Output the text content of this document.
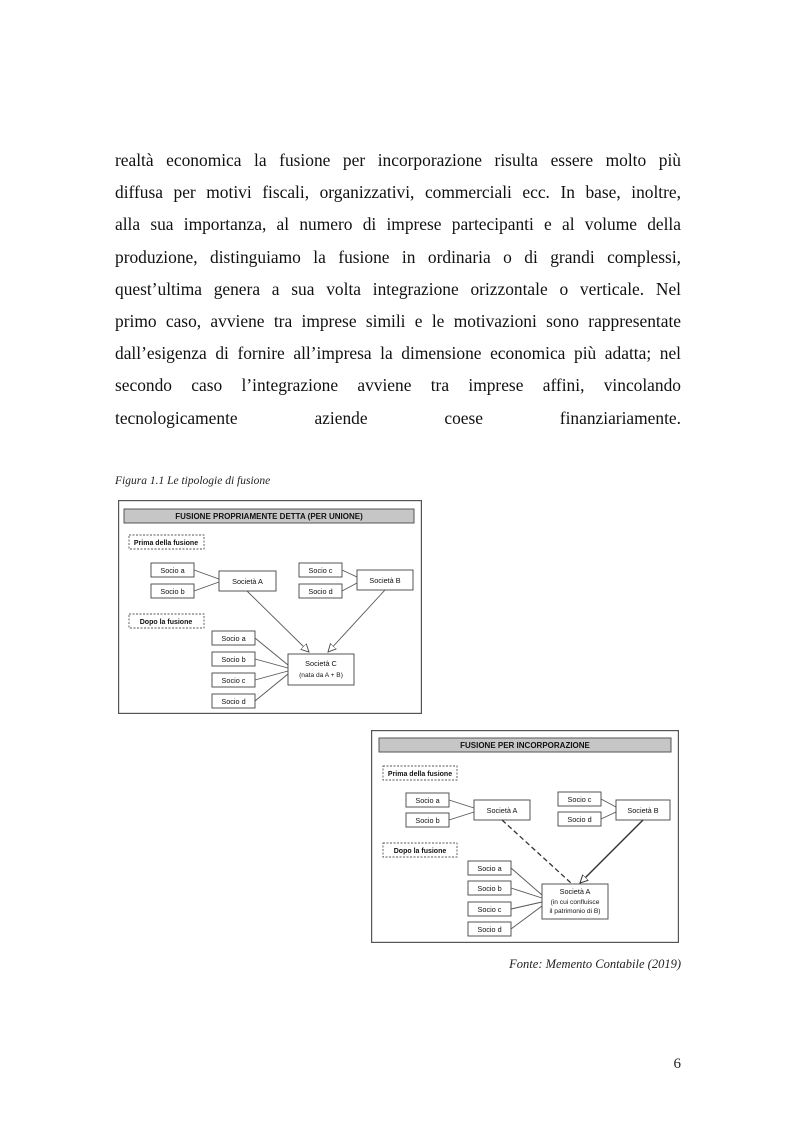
realtà economica la fusione per incorporazione risulta essere molto più
diffusa per motivi fiscali, organizzativi, commerciali ecc. In base, inoltre,
alla sua importanza, al numero di imprese partecipanti e al volume della
produzione, distinguiamo la fusione in ordinaria o di grandi complessi,
quest’ultima genera a sua volta integrazione orizzontale o verticale. Nel
primo caso, avviene tra imprese simili e le motivazioni sono rappresentate
dall’esigenza di fornire all’impresa la dimensione economica più adatta; nel
secondo caso l’integrazione avviene tra imprese affini, vincolando
tecnologicamente aziende coese finanziariamente.

Figura 1.1 Le tipologie di fusione
FUSIONE PROPRIAMENTE DETTA (PER UNIONE)
Prima della fusione
Socio a
Socio b
Società A
Socio c
Socio d
Società B
Dopo la fusione
Socio a
Socio b
Socio c
Socio d
Società C
(nata da A + B)
FUSIONE PER INCORPORAZIONE
Prima della fusione
Socio a
Socio b
Società A
Socio c
Socio d
Società B
Dopo la fusione
Socio a
Socio b
Socio c
Socio d
Società A
(in cui confluisce
il patrimonio di B)
Fonte: Memento Contabile (2019)
6
